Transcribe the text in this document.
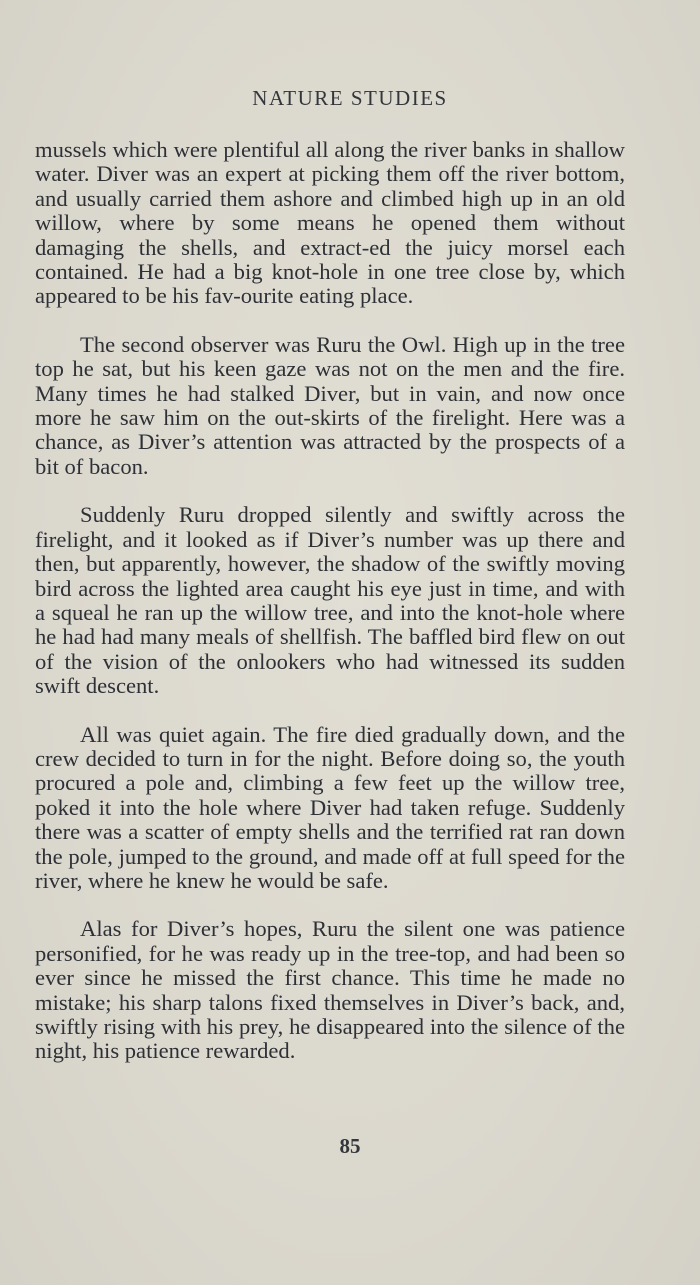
NATURE STUDIES

mussels which were plentiful all along the river banks in shallow water. Diver was an expert at picking them off the river bottom, and usually carried them ashore and climbed high up in an old willow, where by some means he opened them without damaging the shells, and extract-ed the juicy morsel each contained. He had a big knot-hole in one tree close by, which appeared to be his fav-ourite eating place.

The second observer was Ruru the Owl. High up in the tree top he sat, but his keen gaze was not on the men and the fire. Many times he had stalked Diver, but in vain, and now once more he saw him on the out-skirts of the firelight. Here was a chance, as Diver’s attention was attracted by the prospects of a bit of bacon.

Suddenly Ruru dropped silently and swiftly across the firelight, and it looked as if Diver’s number was up there and then, but apparently, however, the shadow of the swiftly moving bird across the lighted area caught his eye just in time, and with a squeal he ran up the willow tree, and into the knot-hole where he had had many meals of shellfish. The baffled bird flew on out of the vision of the onlookers who had witnessed its sudden swift descent.

All was quiet again. The fire died gradually down, and the crew decided to turn in for the night. Before doing so, the youth procured a pole and, climbing a few feet up the willow tree, poked it into the hole where Diver had taken refuge. Suddenly there was a scatter of empty shells and the terrified rat ran down the pole, jumped to the ground, and made off at full speed for the river, where he knew he would be safe.

Alas for Diver’s hopes, Ruru the silent one was patience personified, for he was ready up in the tree-top, and had been so ever since he missed the first chance. This time he made no mistake; his sharp talons fixed themselves in Diver’s back, and, swiftly rising with his prey, he disappeared into the silence of the night, his patience rewarded.

85
